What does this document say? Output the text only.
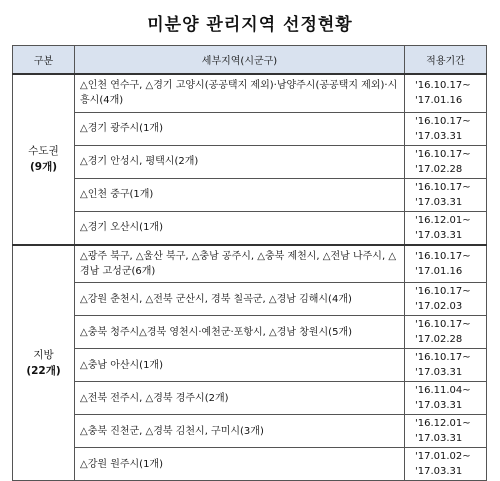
미분양 관리지역 선정현황
구분	세부지역(시군구)	적용기간
수도권
(9개)	△인천 연수구, △경기 고양시(공공택지 제외)·남양주시(공공택지 제외)·시흥시(4개)	'16.10.17~
'17.01.16
	△경기 광주시(1개)	'16.10.17~
'17.03.31
	△경기 안성시, 평택시(2개)	'16.10.17~
'17.02.28
	△인천 중구(1개)	'16.10.17~
'17.03.31
	△경기 오산시(1개)	'16.12.01~
'17.03.31
지방
(22개)	△광주 북구, △울산 북구, △충남 공주시, △충북 제천시, △전남 나주시, △경남 고성군(6개)	'16.10.17~
'17.01.16
	△강원 춘천시, △전북 군산시, 경북 칠곡군, △경남 김해시(4개)	'16.10.17~
'17.02.03
	△충북 청주시△경북 영천시·예천군·포항시, △경남 창원시(5개)	'16.10.17~
'17.02.28
	△충남 아산시(1개)	'16.10.17~
'17.03.31
	△전북 전주시, △경북 경주시(2개)	'16.11.04~
'17.03.31
	△충북 진천군, △경북 김천시, 구미시(3개)	'16.12.01~
'17.03.31
	△강원 원주시(1개)	'17.01.02~
'17.03.31
